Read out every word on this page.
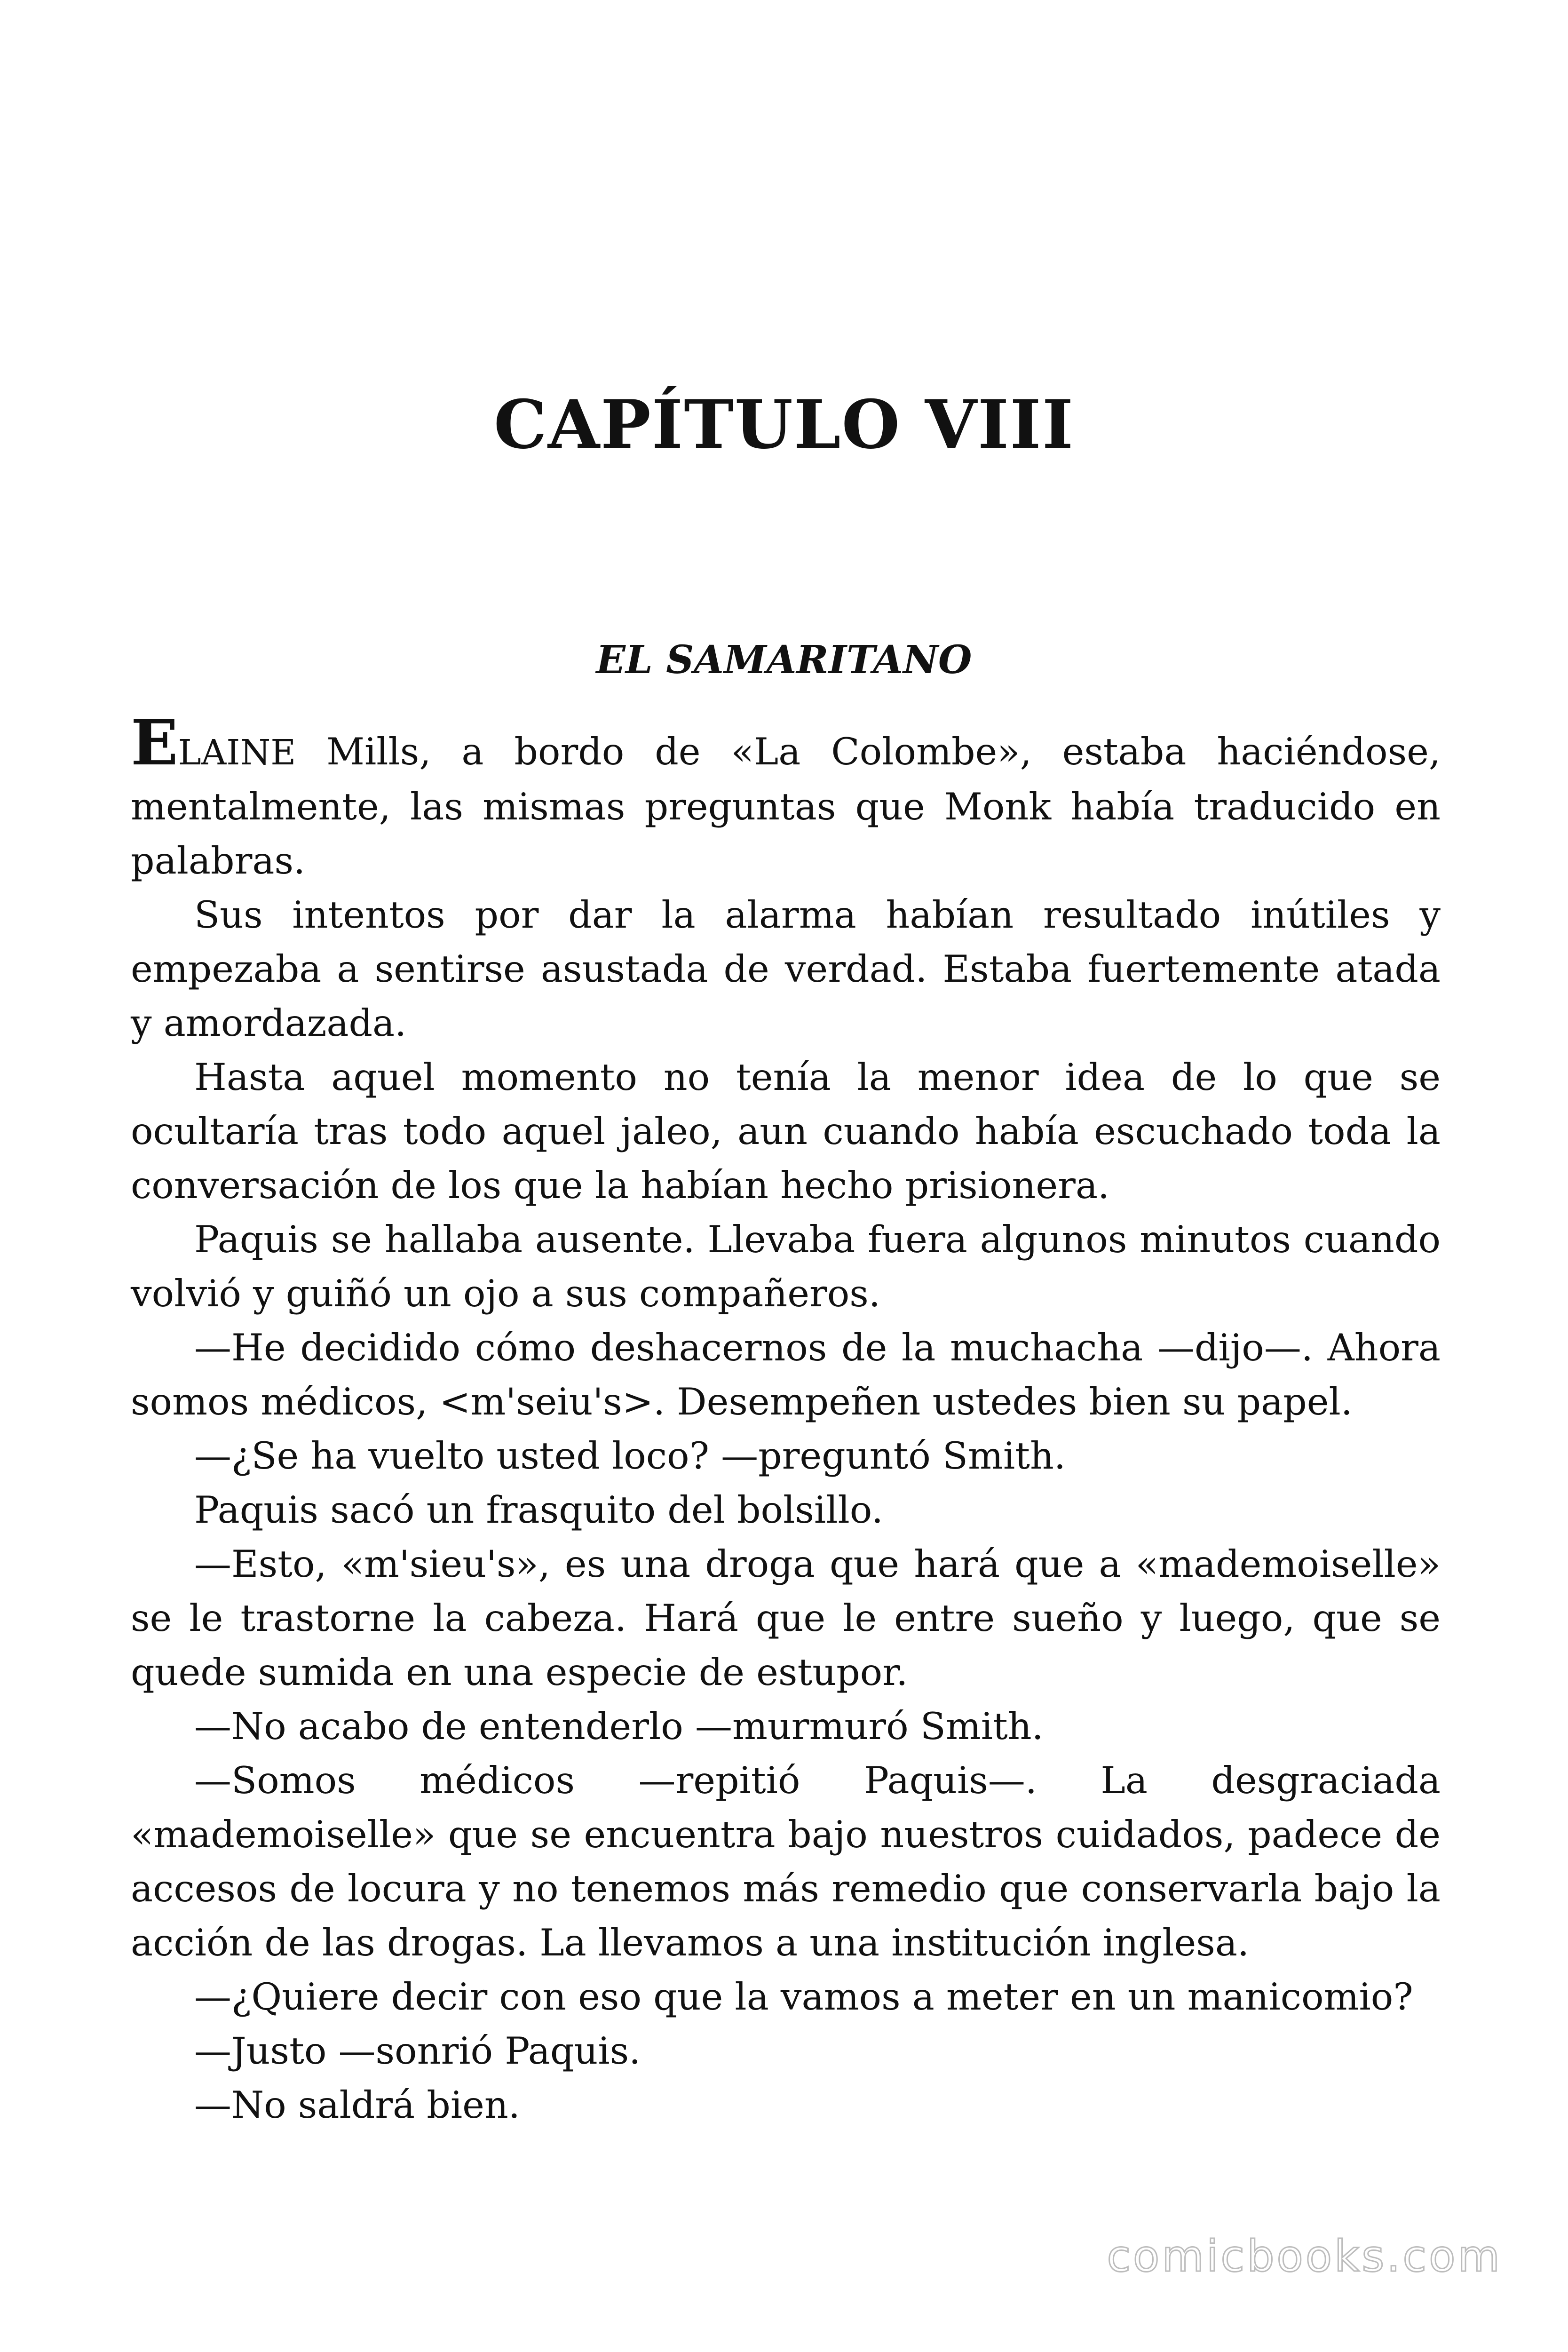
CAPÍTULO VIII
EL SAMARITANO

ELAINE Mills, a bordo de «La Colombe», estaba haciéndose, mentalmente, las mismas preguntas que Monk había traducido en palabras.

Sus intentos por dar la alarma habían resultado inútiles y empezaba a sentirse asustada de verdad. Estaba fuertemente atada y amordazada.

Hasta aquel momento no tenía la menor idea de lo que se ocultaría tras todo aquel jaleo, aun cuando había escuchado toda la conversación de los que la habían hecho prisionera.

Paquis se hallaba ausente. Llevaba fuera algunos minutos cuando volvió y guiñó un ojo a sus compañeros.

—He decidido cómo deshacernos de la muchacha —dijo—. Ahora somos médicos, <m'seiu's>. Desempeñen ustedes bien su papel.

—¿Se ha vuelto usted loco? —preguntó Smith.

Paquis sacó un frasquito del bolsillo.

—Esto, «m'sieu's», es una droga que hará que a «mademoiselle» se le trastorne la cabeza. Hará que le entre sueño y luego, que se quede sumida en una especie de estupor.

—No acabo de entenderlo —murmuró Smith.

—Somos médicos —repitió Paquis—. La desgraciada «mademoiselle» que se encuentra bajo nuestros cuidados, padece de accesos de locura y no tenemos más remedio que conservarla bajo la acción de las drogas. La llevamos a una institución inglesa.

—¿Quiere decir con eso que la vamos a meter en un manicomio?

—Justo —sonrió Paquis.

—No saldrá bien.

comicbooks.com
